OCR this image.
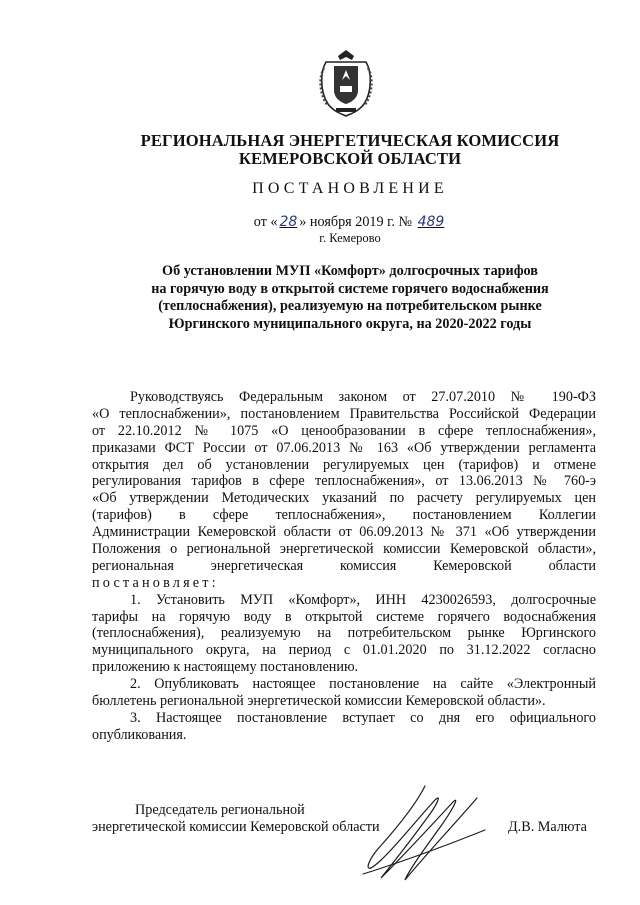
РЕГИОНАЛЬНАЯ ЭНЕРГЕТИЧЕСКАЯ КОМИССИЯ
КЕМЕРОВСКОЙ ОБЛАСТИ
ПОСТАНОВЛЕНИЕ
от « 28 » ноября 2019 г. № 489
г. Кемерово
Об установлении МУП «Комфорт» долгосрочных тарифов
на горячую воду в открытой системе горячего водоснабжения
(теплоснабжения), реализуемую на потребительском рынке
Юргинского муниципального округа, на 2020-2022 годы
Руководствуясь Федеральным законом от 27.07.2010 № 190-ФЗ
«О теплоснабжении», постановлением Правительства Российской Федерации
от 22.10.2012 № 1075 «О ценообразовании в сфере теплоснабжения»,
приказами ФСТ России от 07.06.2013 № 163 «Об утверждении регламента
открытия дел об установлении регулируемых цен (тарифов) и отмене
регулирования тарифов в сфере теплоснабжения», от 13.06.2013 № 760-э
«Об утверждении Методических указаний по расчету регулируемых цен
(тарифов) в сфере теплоснабжения», постановлением Коллегии
Администрации Кемеровской области от 06.09.2013 № 371 «Об утверждении
Положения о региональной энергетической комиссии Кемеровской области»,
региональная энергетическая комиссия Кемеровской области
постановляет:
1. Установить МУП «Комфорт», ИНН 4230026593, долгосрочные
тарифы на горячую воду в открытой системе горячего водоснабжения
(теплоснабжения), реализуемую на потребительском рынке Юргинского
муниципального округа, на период с 01.01.2020 по 31.12.2022 согласно
приложению к настоящему постановлению.
2. Опубликовать настоящее постановление на сайте «Электронный
бюллетень региональной энергетической комиссии Кемеровской области».
3. Настоящее постановление вступает со дня его официального
опубликования.
Председатель региональной
энергетической комиссии Кемеровской области	Д.В. Малюта
